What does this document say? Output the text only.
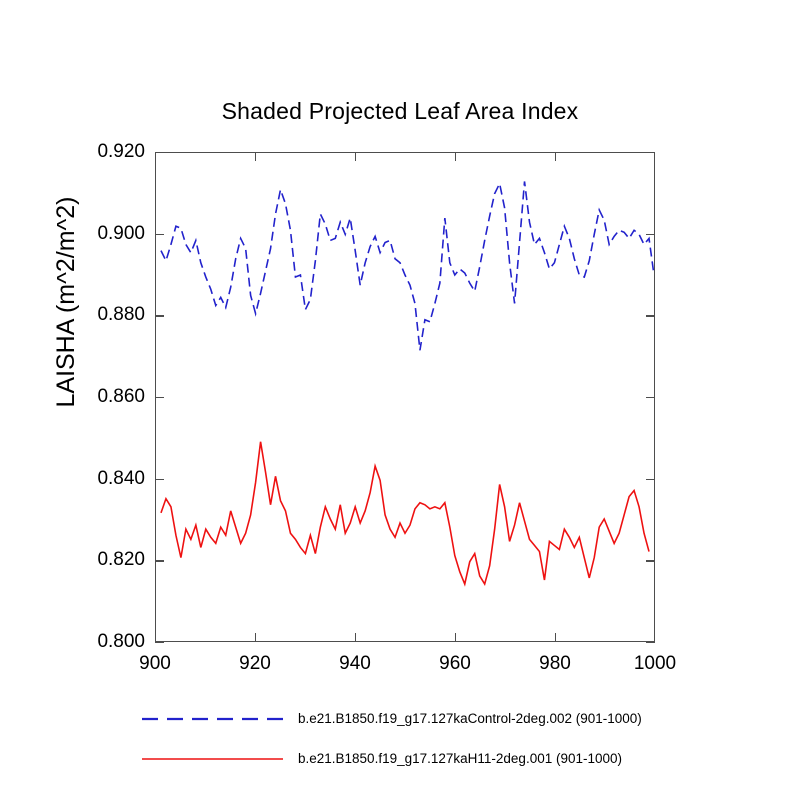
Shaded Projected Leaf Area Index
LAISHA (m^2/m^2)
0.800
0.820
0.840
0.860
0.880
0.900
0.920
900	920	940	960	980	1000
b.e21.B1850.f19_g17.127kaControl-2deg.002 (901-1000)
b.e21.B1850.f19_g17.127kaH11-2deg.001 (901-1000)
